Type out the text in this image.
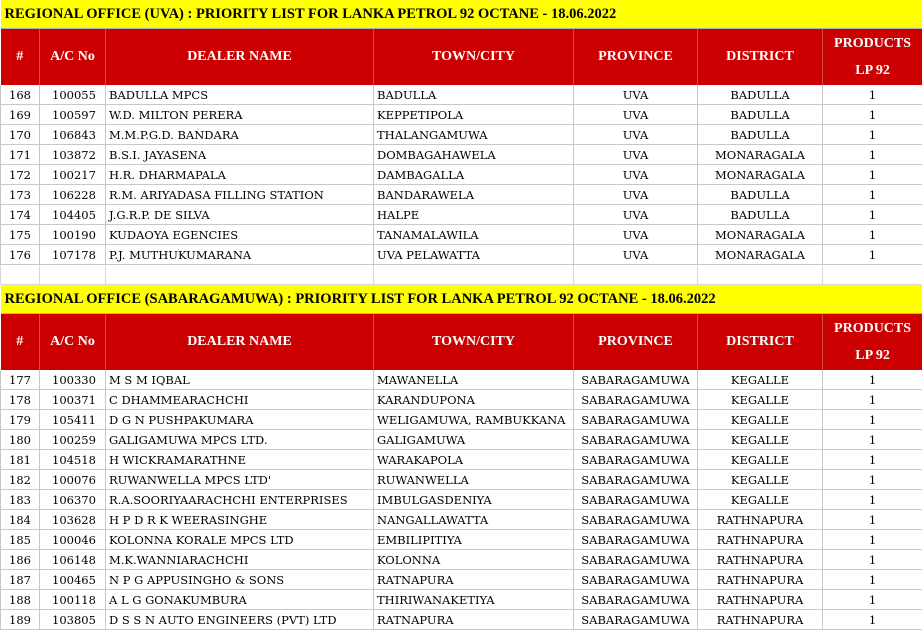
REGIONAL OFFICE (UVA) : PRIORITY LIST FOR LANKA PETROL 92 OCTANE - 18.06.2022						
#	A/C No	DEALER NAME	TOWN/CITY	PROVINCE	DISTRICT	PRODUCTS
LP 92

168	100055	BADULLA MPCS	BADULLA	UVA	BADULLA	1
169	100597	W.D. MILTON PERERA	KEPPETIPOLA	UVA	BADULLA	1
170	106843	M.M.P.G.D. BANDARA	THALANGAMUWA	UVA	BADULLA	1
171	103872	B.S.I. JAYASENA	DOMBAGAHAWELA	UVA	MONARAGALA	1
172	100217	H.R. DHARMAPALA	DAMBAGALLA	UVA	MONARAGALA	1
173	106228	R.M. ARIYADASA FILLING STATION	BANDARAWELA	UVA	BADULLA	1
174	104405	J.G.R.P. DE SILVA	HALPE	UVA	BADULLA	1
175	100190	KUDAOYA EGENCIES	TANAMALAWILA	UVA	MONARAGALA	1
176	107178	P.J. MUTHUKUMARANA	UVA PELAWATTA	UVA	MONARAGALA	1

REGIONAL OFFICE (SABARAGAMUWA) : PRIORITY LIST FOR LANKA PETROL 92 OCTANE - 18.06.2022						
#	A/C No	DEALER NAME	TOWN/CITY	PROVINCE	DISTRICT	PRODUCTS
LP 92

177	100330	M S M IQBAL	MAWANELLA	SABARAGAMUWA	KEGALLE	1
178	100371	C DHAMMEARACHCHI	KARANDUPONA	SABARAGAMUWA	KEGALLE	1
179	105411	D G N PUSHPAKUMARA	WELIGAMUWA, RAMBUKKANA	SABARAGAMUWA	KEGALLE	1
180	100259	GALIGAMUWA MPCS LTD.	GALIGAMUWA	SABARAGAMUWA	KEGALLE	1
181	104518	H WICKRAMARATHNE	WARAKAPOLA	SABARAGAMUWA	KEGALLE	1
182	100076	RUWANWELLA MPCS LTD'	RUWANWELLA	SABARAGAMUWA	KEGALLE	1
183	106370	R.A.SOORIYAARACHCHI ENTERPRISES	IMBULGASDENIYA	SABARAGAMUWA	KEGALLE	1
184	103628	H P D R K WEERASINGHE	NANGALLAWATTA	SABARAGAMUWA	RATHNAPURA	1
185	100046	KOLONNA KORALE MPCS LTD	EMBILIPITIYA	SABARAGAMUWA	RATHNAPURA	1
186	106148	M.K.WANNIARACHCHI	KOLONNA	SABARAGAMUWA	RATHNAPURA	1
187	100465	N P G APPUSINGHO & SONS	RATNAPURA	SABARAGAMUWA	RATHNAPURA	1
188	100118	A L G GONAKUMBURA	THIRIWANAKETIYA	SABARAGAMUWA	RATHNAPURA	1
189	103805	D S S N AUTO ENGINEERS (PVT) LTD	RATNAPURA	SABARAGAMUWA	RATHNAPURA	1
